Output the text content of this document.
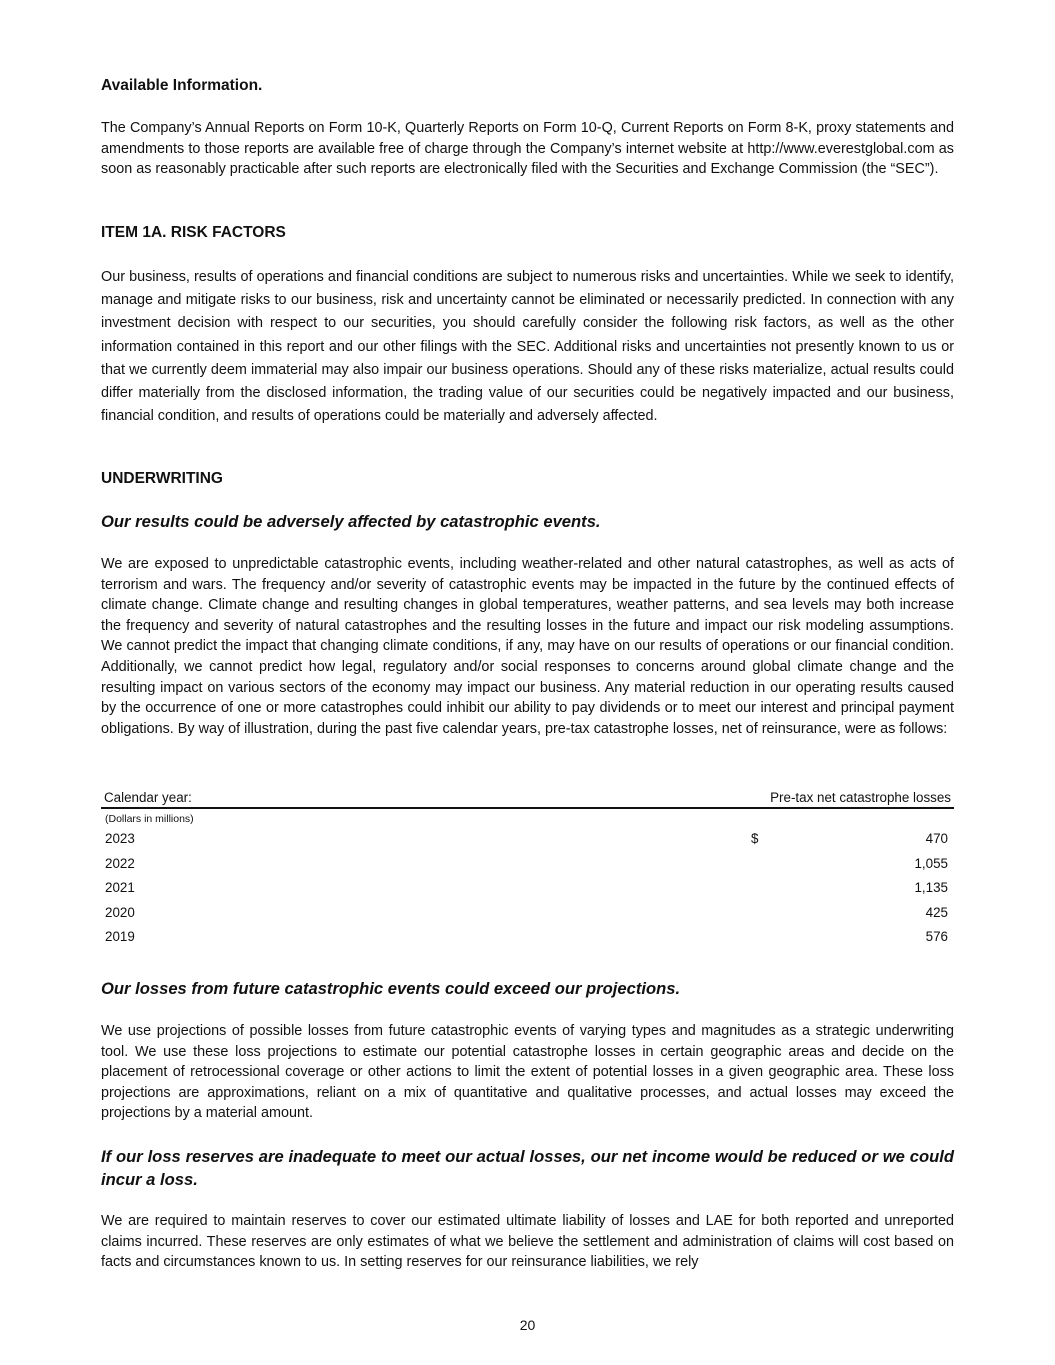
Available Information.

The Company’s Annual Reports on Form 10-K, Quarterly Reports on Form 10-Q, Current Reports on Form 8-K, proxy statements and amendments to those reports are available free of charge through the Company’s internet website at http://www.everestglobal.com as soon as reasonably practicable after such reports are electronically filed with the Securities and Exchange Commission (the “SEC”).

ITEM 1A. RISK FACTORS

Our business, results of operations and financial conditions are subject to numerous risks and uncertainties. While we seek to identify, manage and mitigate risks to our business, risk and uncertainty cannot be eliminated or necessarily predicted. In connection with any investment decision with respect to our securities, you should carefully consider the following risk factors, as well as the other information contained in this report and our other filings with the SEC. Additional risks and uncertainties not presently known to us or that we currently deem immaterial may also impair our business operations. Should any of these risks materialize, actual results could differ materially from the disclosed information, the trading value of our securities could be negatively impacted and our business, financial condition, and results of operations could be materially and adversely affected.

UNDERWRITING
Our results could be adversely affected by catastrophic events.

We are exposed to unpredictable catastrophic events, including weather-related and other natural catastrophes, as well as acts of terrorism and wars. The frequency and/or severity of catastrophic events may be impacted in the future by the continued effects of climate change. Climate change and resulting changes in global temperatures, weather patterns, and sea levels may both increase the frequency and severity of natural catastrophes and the resulting losses in the future and impact our risk modeling assumptions. We cannot predict the impact that changing climate conditions, if any, may have on our results of operations or our financial condition. Additionally, we cannot predict how legal, regulatory and/or social responses to concerns around global climate change and the resulting impact on various sectors of the economy may impact our business. Any material reduction in our operating results caused by the occurrence of one or more catastrophes could inhibit our ability to pay dividends or to meet our interest and principal payment obligations. By way of illustration, during the past five calendar years, pre-tax catastrophe losses, net of reinsurance, were as follows:

Calendar year:	Pre-tax net catastrophe losses
(Dollars in millions)
2023	$	470
2022	1,055
2021	1,135
2020	425
2019	576
Our losses from future catastrophic events could exceed our projections.

We use projections of possible losses from future catastrophic events of varying types and magnitudes as a strategic underwriting tool. We use these loss projections to estimate our potential catastrophe losses in certain geographic areas and decide on the placement of retrocessional coverage or other actions to limit the extent of potential losses in a given geographic area. These loss projections are approximations, reliant on a mix of quantitative and qualitative processes, and actual losses may exceed the projections by a material amount.

If our loss reserves are inadequate to meet our actual losses, our net income would be reduced or we could incur a loss.

We are required to maintain reserves to cover our estimated ultimate liability of losses and LAE for both reported and unreported claims incurred. These reserves are only estimates of what we believe the settlement and administration of claims will cost based on facts and circumstances known to us. In setting reserves for our reinsurance liabilities, we rely

20
